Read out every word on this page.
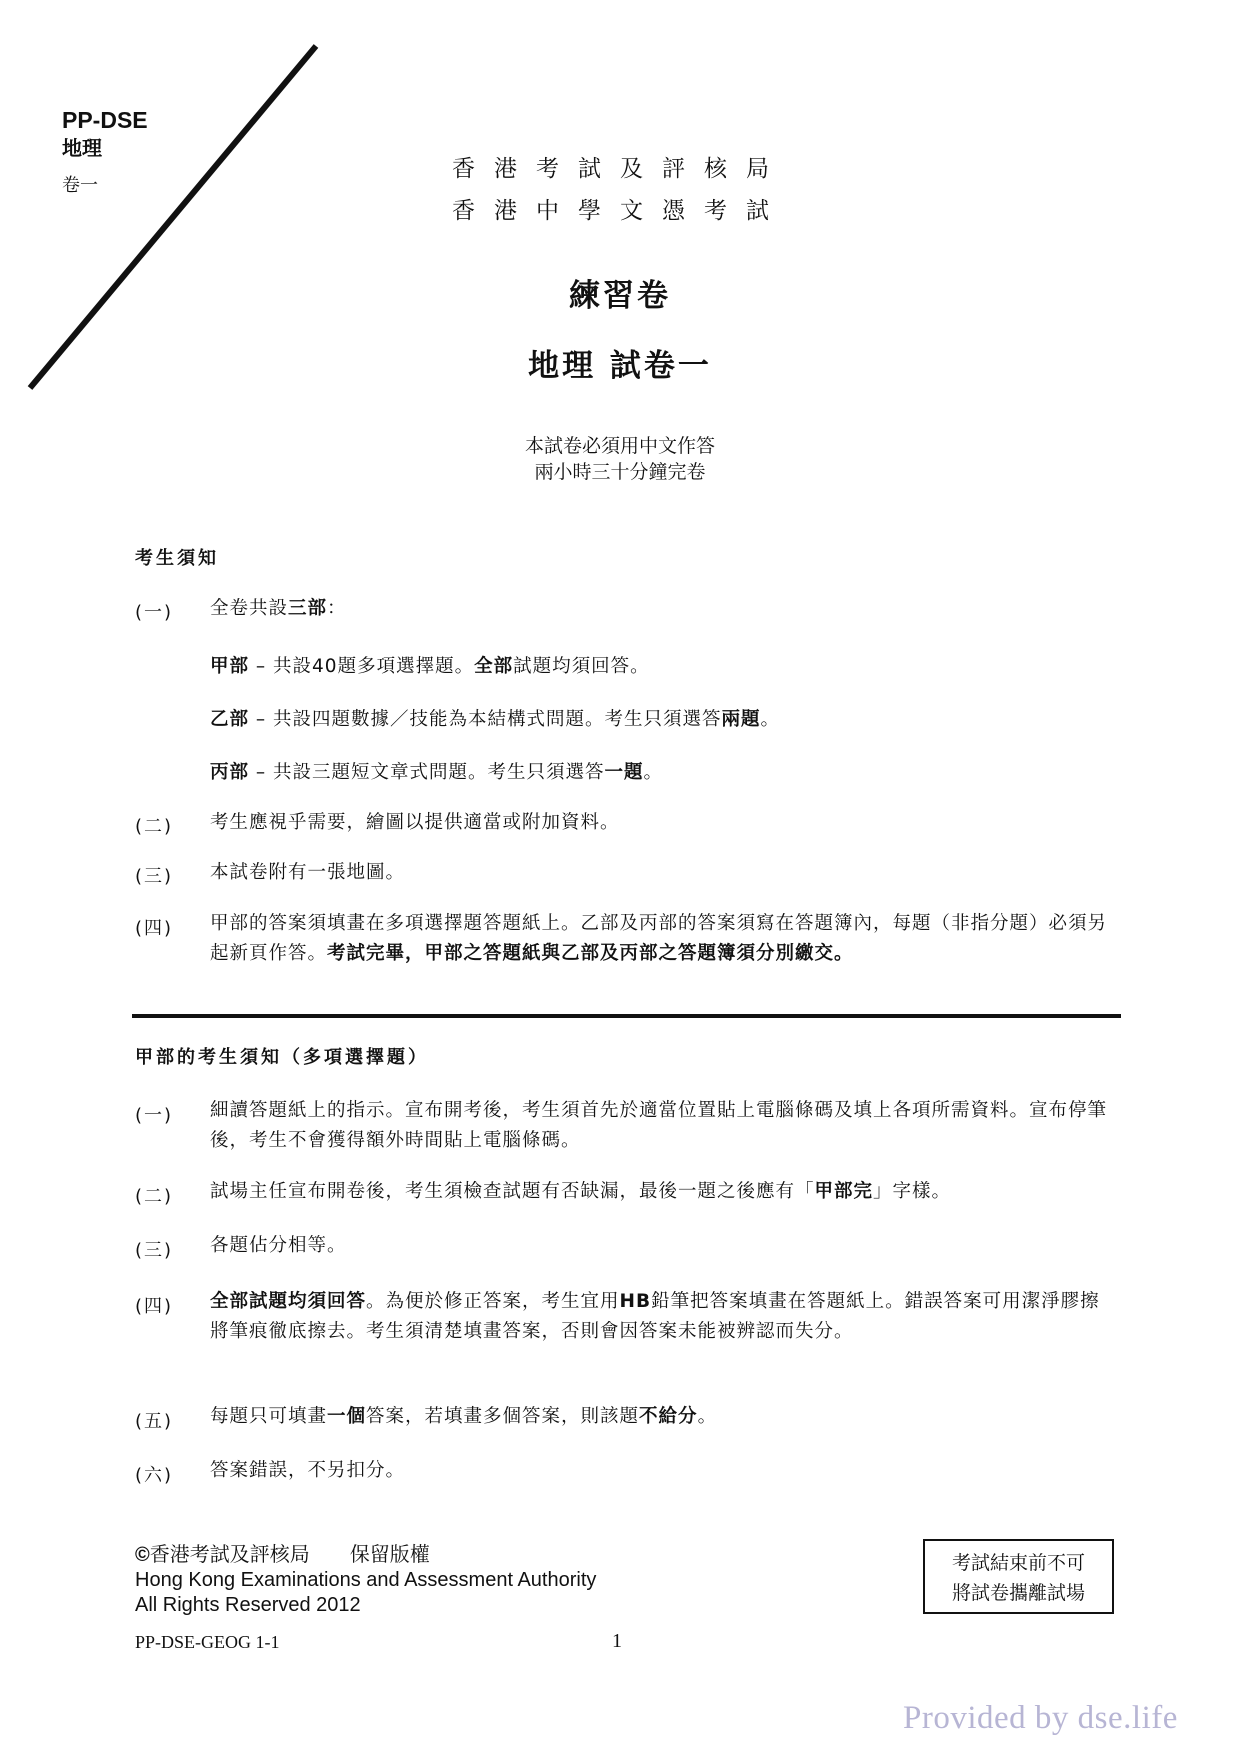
PP-DSE
地理
卷一
香港考試及評核局
香港中學文憑考試
練習卷
地理 試卷一
本試卷必須用中文作答
兩小時三十分鐘完卷
考生須知
(一) 全卷共設三部：
甲部 – 共設40題多項選擇題。全部試題均須回答。
乙部 – 共設四題數據／技能為本結構式問題。考生只須選答兩題。
丙部 – 共設三題短文章式問題。考生只須選答一題。
(二) 考生應視乎需要，繪圖以提供適當或附加資料。
(三) 本試卷附有一張地圖。
(四) 甲部的答案須填畫在多項選擇題答題紙上。乙部及丙部的答案須寫在答題簿內，每題（非指分題）必須另起新頁作答。考試完畢，甲部之答題紙與乙部及丙部之答題簿須分別繳交。
甲部的考生須知（多項選擇題）
(一) 細讀答題紙上的指示。宣布開考後，考生須首先於適當位置貼上電腦條碼及填上各項所需資料。宣布停筆後，考生不會獲得額外時間貼上電腦條碼。
(二) 試場主任宣布開卷後，考生須檢查試題有否缺漏，最後一題之後應有「甲部完」字樣。
(三) 各題佔分相等。
(四) 全部試題均須回答。為便於修正答案，考生宜用HB鉛筆把答案填畫在答題紙上。錯誤答案可用潔淨膠擦將筆痕徹底擦去。考生須清楚填畫答案，否則會因答案未能被辨認而失分。
(五) 每題只可填畫一個答案，若填畫多個答案，則該題不給分。
(六) 答案錯誤，不另扣分。
©香港考試及評核局　　保留版權
Hong Kong Examinations and Assessment Authority
All Rights Reserved 2012
考試結束前不可
將試卷攜離試場
PP-DSE-GEOG 1-1	1
Provided by dse.life
